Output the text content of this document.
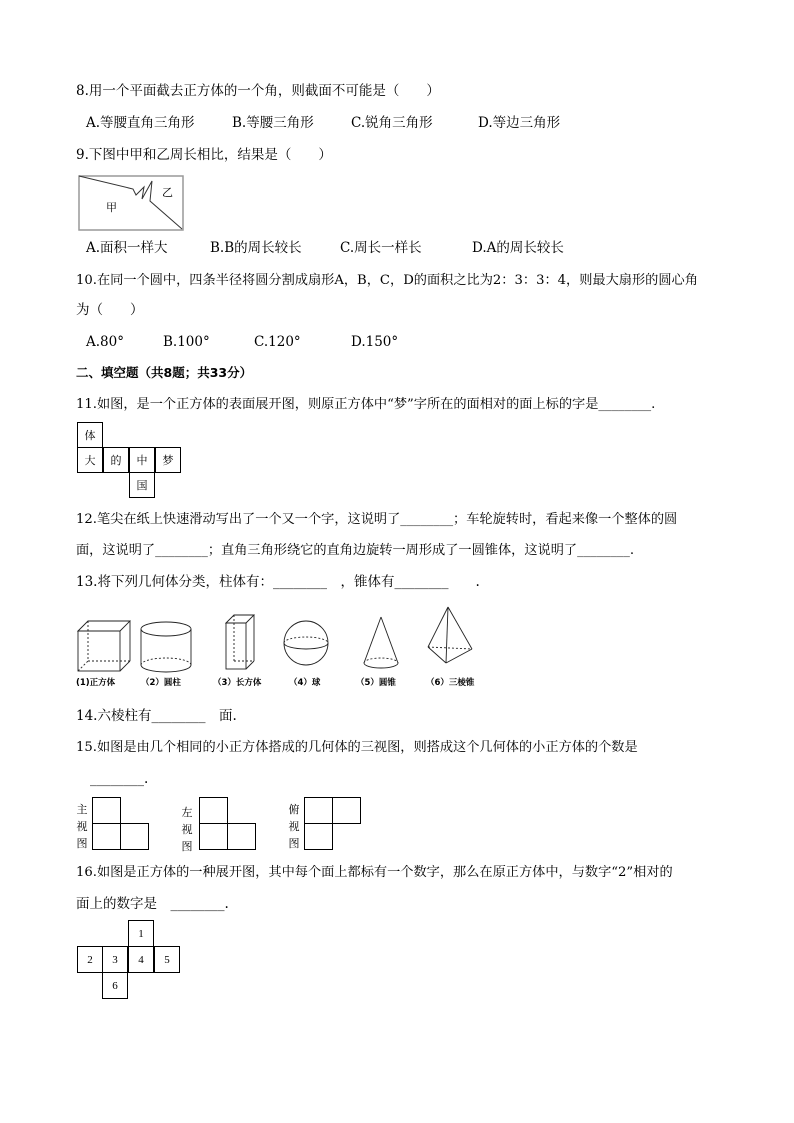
8.用一个平面截去正方体的一个角，则截面不可能是（　　）
A.等腰直角三角形	B.等腰三角形	C.锐角三角形	D.等边三角形
9.下图中甲和乙周长相比，结果是（　　）
甲
乙
A.面积一样大	B.B的周长较长	C.周长一样长	D.A的周长较长
10.在同一个圆中，四条半径将圆分割成扇形A，B，C，D的面积之比为2：3：3：4，则最大扇形的圆心角
为（　　）
A.80°	B.100°	C.120°	D.150°
二、填空题（共8题；共33分）
11.如图，是一个正方体的表面展开图，则原正方体中“梦”字所在的面相对的面上标的字是________.
体
大	的	中	梦
国
12.笔尖在纸上快速滑动写出了一个又一个字，这说明了________；车轮旋转时，看起来像一个整体的圆
面，这说明了________；直角三角形绕它的直角边旋转一周形成了一圆锥体，这说明了________.
13.将下列几何体分类，柱体有：________　，锥体有________　　.
(1)正方体	（2）圆柱	（3）长方体	（4）球	（5）圆锥	（6）三棱锥
14.六棱柱有________　面.
15.如图是由几个相同的小正方体搭成的几何体的三视图，则搭成这个几何体的小正方体的个数是
________.
主
视
图
左
视
图
俯
视
图
16.如图是正方体的一种展开图，其中每个面上都标有一个数字，那么在原正方体中，与数字“2”相对的
面上的数字是　________.
1
2	3	4	5
6
